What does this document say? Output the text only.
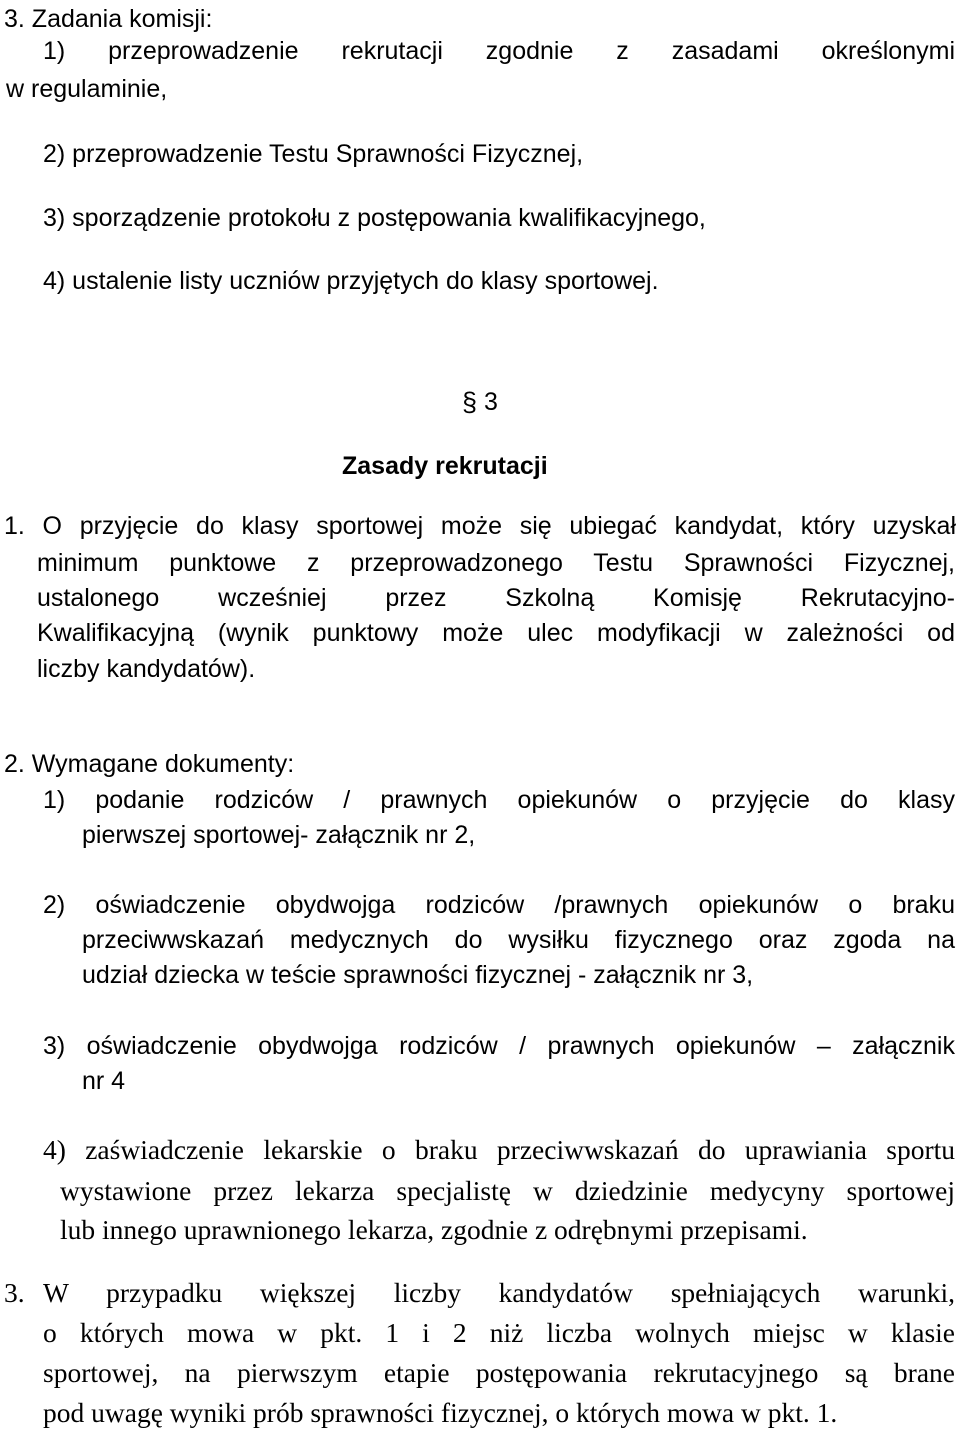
3. Zadania komisji:
1) przeprowadzenie rekrutacji zgodnie z zasadami określonymi
w regulaminie,
2) przeprowadzenie Testu Sprawności Fizycznej,
3) sporządzenie protokołu z postępowania kwalifikacyjnego,
4) ustalenie listy uczniów przyjętych do klasy sportowej.
§ 3
Zasady rekrutacji
1. O przyjęcie do klasy sportowej może się ubiegać kandydat, który uzyskał
minimum punktowe z przeprowadzonego Testu Sprawności Fizycznej,
ustalonego wcześniej przez Szkolną Komisję Rekrutacyjno-
Kwalifikacyjną (wynik punktowy może ulec modyfikacji w zależności od
liczby kandydatów).
2. Wymagane dokumenty:
1) podanie rodziców / prawnych opiekunów o przyjęcie do klasy
pierwszej sportowej- załącznik nr 2,
2) oświadczenie obydwojga rodziców /prawnych opiekunów o braku
przeciwwskazań medycznych do wysiłku fizycznego oraz zgoda na
udział dziecka w teście sprawności fizycznej - załącznik nr 3,
3) oświadczenie obydwojga rodziców / prawnych opiekunów – załącznik
nr 4
4) zaświadczenie lekarskie o braku przeciwwskazań do uprawiania sportu
wystawione przez lekarza specjalistę w dziedzinie medycyny sportowej
lub innego uprawnionego lekarza, zgodnie z odrębnymi przepisami.
3. W przypadku większej liczby kandydatów spełniających warunki,
o których mowa w pkt. 1 i 2 niż liczba wolnych miejsc w klasie
sportowej, na pierwszym etapie postępowania rekrutacyjnego są brane
pod uwagę wyniki prób sprawności fizycznej, o których mowa w pkt. 1.
